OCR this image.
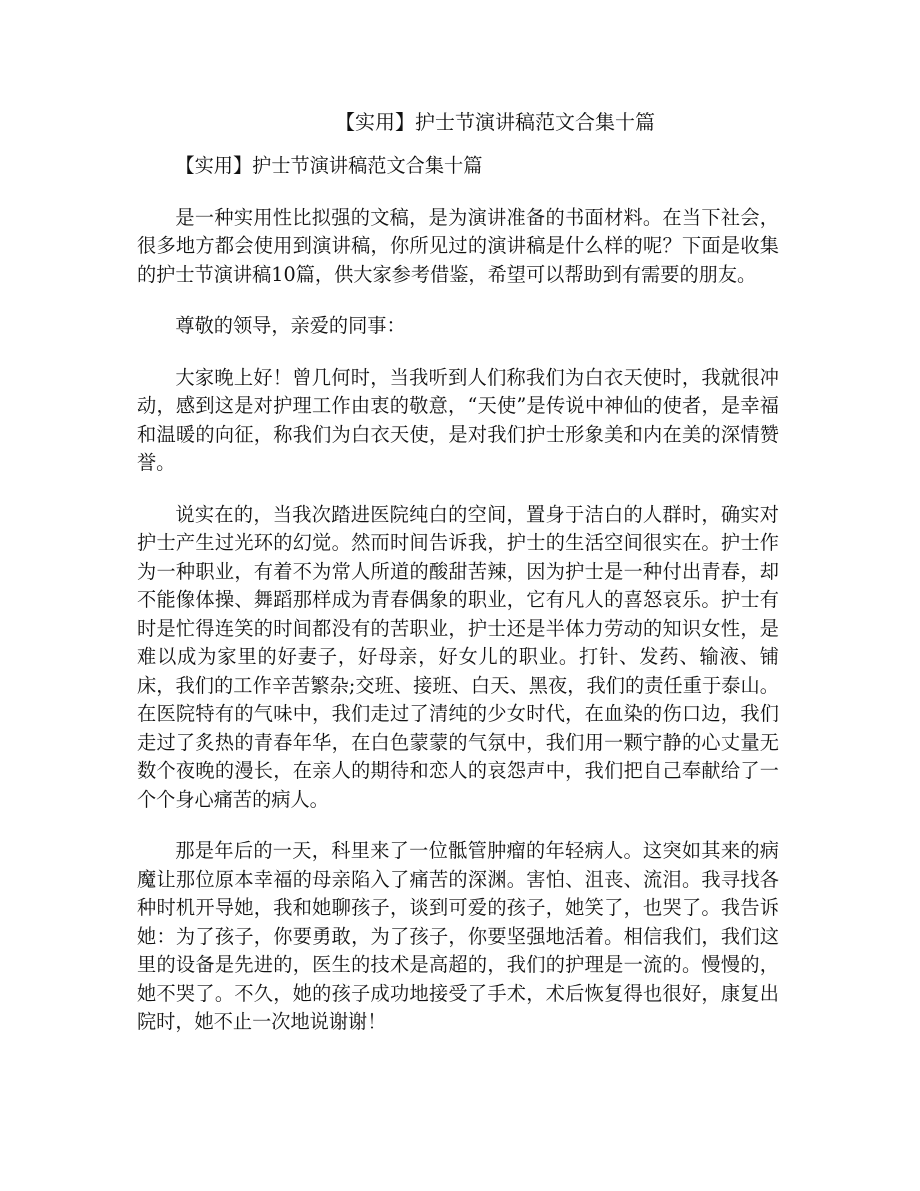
【实用】护士节演讲稿范文合集十篇

【实用】护士节演讲稿范文合集十篇

是一种实用性比拟强的文稿，是为演讲准备的书面材料。在当下社会，很多地方都会使用到演讲稿，你所见过的演讲稿是什么样的呢？下面是收集的护士节演讲稿10篇，供大家参考借鉴，希望可以帮助到有需要的朋友。

尊敬的领导，亲爱的同事：

大家晚上好！曾几何时，当我听到人们称我们为白衣天使时，我就很冲动，感到这是对护理工作由衷的敬意，“天使”是传说中神仙的使者，是幸福和温暖的向征，称我们为白衣天使，是对我们护士形象美和内在美的深情赞誉。

说实在的，当我次踏进医院纯白的空间，置身于洁白的人群时，确实对护士产生过光环的幻觉。然而时间告诉我，护士的生活空间很实在。护士作为一种职业，有着不为常人所道的酸甜苦辣，因为护士是一种付出青春，却不能像体操、舞蹈那样成为青春偶象的职业，它有凡人的喜怒哀乐。护士有时是忙得连笑的时间都没有的苦职业，护士还是半体力劳动的知识女性，是难以成为家里的好妻子，好母亲，好女儿的职业。打针、发药、输液、铺床，我们的工作辛苦繁杂;交班、接班、白天、黑夜，我们的责任重于泰山。在医院特有的气味中，我们走过了清纯的少女时代，在血染的伤口边，我们走过了炙热的青春年华，在白色蒙蒙的气氛中，我们用一颗宁静的心丈量无数个夜晚的漫长，在亲人的期待和恋人的哀怨声中，我们把自己奉献给了一个个身心痛苦的病人。

那是年后的一天，科里来了一位骶管肿瘤的年轻病人。这突如其来的病魔让那位原本幸福的母亲陷入了痛苦的深渊。害怕、沮丧、流泪。我寻找各种时机开导她，我和她聊孩子，谈到可爱的孩子，她笑了，也哭了。我告诉她：为了孩子，你要勇敢，为了孩子，你要坚强地活着。相信我们，我们这里的设备是先进的，医生的技术是高超的，我们的护理是一流的。慢慢的，她不哭了。不久，她的孩子成功地接受了手术，术后恢复得也很好，康复出院时，她不止一次地说谢谢！
